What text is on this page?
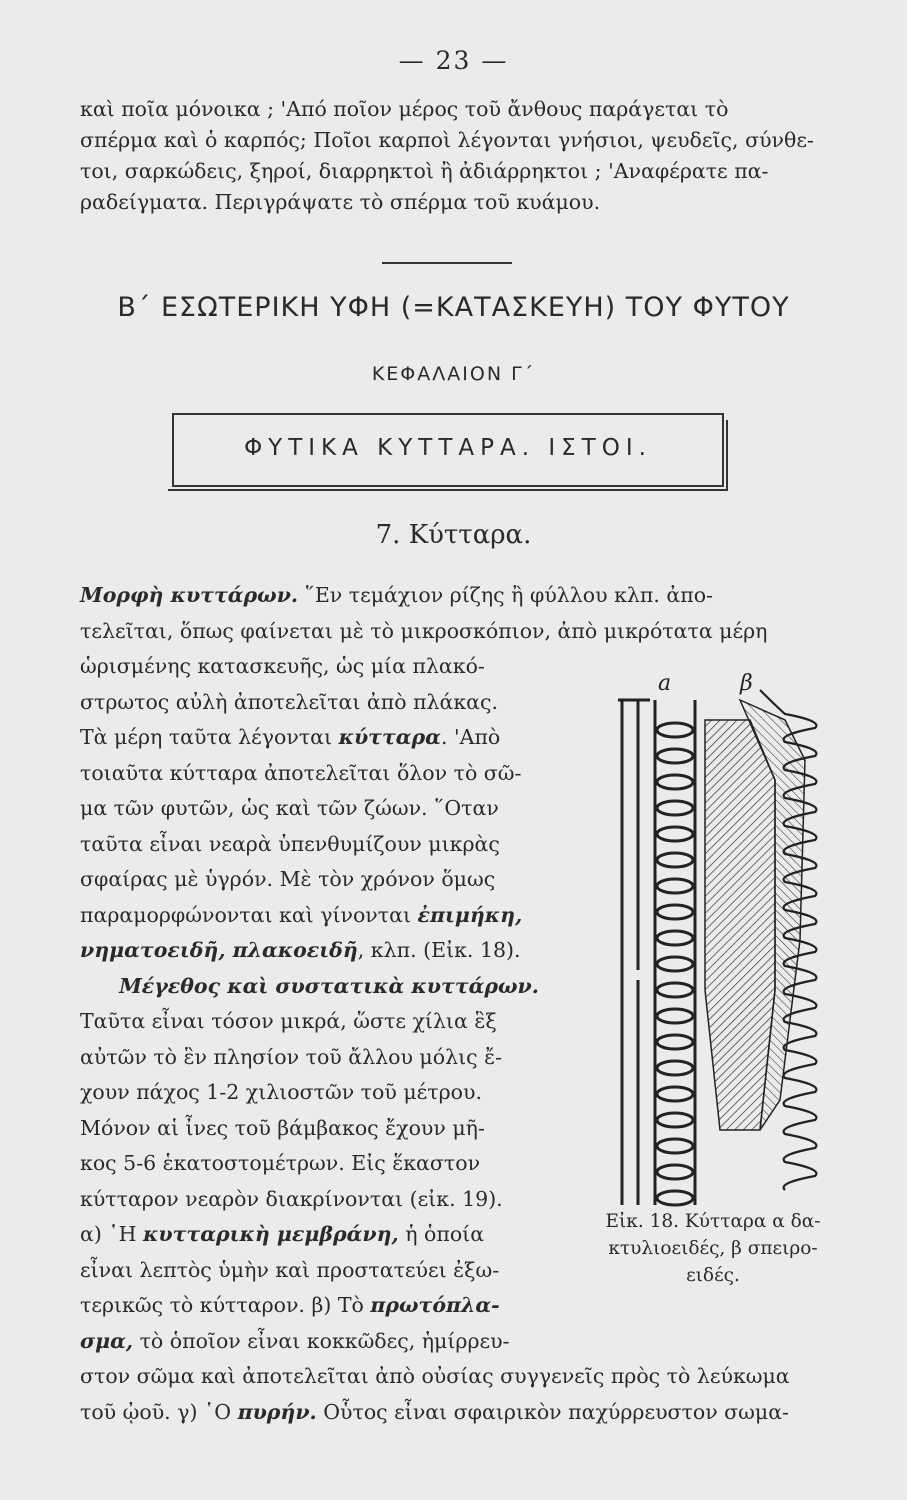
— 23 —
καὶ ποῖα μόνοικα ; 'Από ποῖον μέρος τοῦ ἄνθους παράγεται τὸ
σπέρμα καὶ ὁ καρπός; Ποῖοι καρποὶ λέγονται γνήσιοι, ψευδεῖς, σύνθε-
τοι, σαρκώδεις, ξηροί, διαρρηκτοὶ ἢ ἀδιάρρηκτοι ; 'Αναφέρατε πα-
ραδείγματα. Περιγράψατε τὸ σπέρμα τοῦ κυάμου.
Β΄ ΕΣΩΤΕΡΙΚΗ ΥΦΗ (=ΚΑΤΑΣΚΕΥΗ) ΤΟΥ ΦΥΤΟΥ
ΚΕΦΑΛΑΙΟΝ Γ΄
ΦΥΤΙΚΑ ΚΥΤΤΑΡΑ. ΙΣΤΟΙ.
7. Κύτταρα.
Μορφὴ κυττάρων. ῞Εν τεμάχιον ρίζης ἢ φύλλου κλπ. ἀπο-
τελεῖται, ὅπως φαίνεται μὲ τὸ μικροσκόπιον, ἀπὸ μικρότατα μέρη
ὡρισμένης κατασκευῆς, ὡς μία πλακό-
στρωτος αὐλὴ ἀποτελεῖται ἀπὸ πλάκας.
Τὰ μέρη ταῦτα λέγονται κύτταρα. 'Απὸ
τοιαῦτα κύτταρα ἀποτελεῖται ὅλον τὸ σῶ-
μα τῶν φυτῶν, ὡς καὶ τῶν ζώων. ῞Οταν
ταῦτα εἶναι νεαρὰ ὑπενθυμίζουν μικρὰς
σφαίρας μὲ ὑγρόν. Μὲ τὸν χρόνον ὅμως
παραμορφώνονται καὶ γίνονται ἐπιμήκη,
νηματοειδῆ, πλακοειδῆ, κλπ. (Εἰκ. 18).
Μέγεθος καὶ συστατικὰ κυττάρων.
Ταῦτα εἶναι τόσον μικρά, ὥστε χίλια ἓξ
αὐτῶν τὸ ἓν πλησίον τοῦ ἄλλου μόλις ἔ-
χουν πάχος 1-2 χιλιοστῶν τοῦ μέτρου.
Μόνον αἱ ἶνες τοῦ βάμβακος ἔχουν μῆ-
κος 5-6 ἑκατοστομέτρων. Εἰς ἕκαστον
κύτταρον νεαρὸν διακρίνονται (εἰκ. 19).
α) ῾Η κυτταρικὴ μεμβράνη, ἡ ὁποία
εἶναι λεπτὸς ὑμὴν καὶ προστατεύει ἐξω-
τερικῶς τὸ κύτταρον. β) Τὸ πρωτόπλα-
σμα, τὸ ὁποῖον εἶναι κοκκῶδες, ἡμίρρευ-
στον σῶμα καὶ ἀποτελεῖται ἀπὸ οὐσίας συγγενεῖς πρὸς τὸ λεύκωμα
τοῦ ᾠοῦ. γ) ῾Ο πυρήν. Οὗτος εἶναι σφαιρικὸν παχύρρευστον σωμα-
a	β
Εἰκ. 18. Κύτταρα α δα-
κτυλιοειδές, β σπειρο-
ειδές.
